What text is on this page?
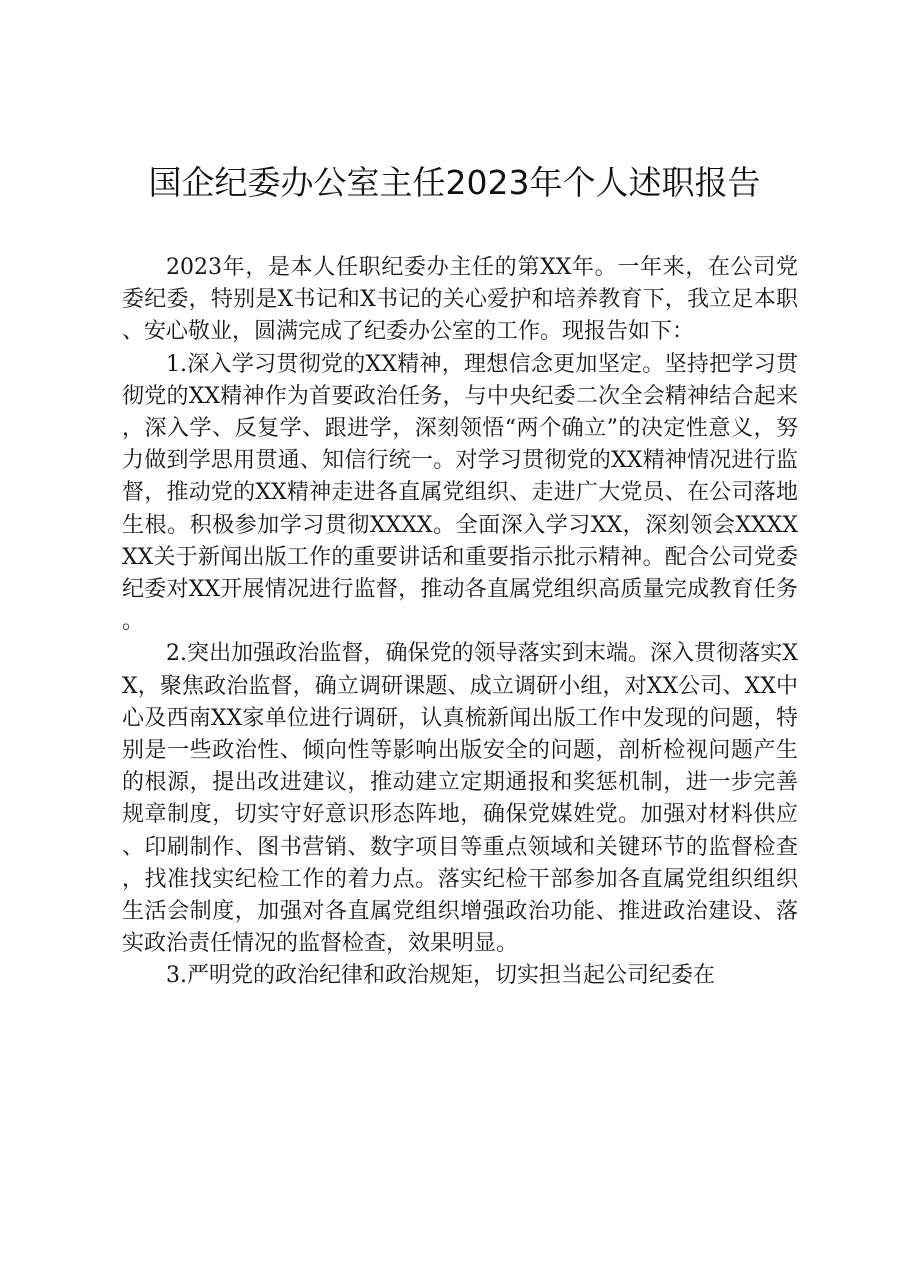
国企纪委办公室主任2023年个人述职报告

2023年，是本人任职纪委办主任的第XX年。一年来，在公司党委纪委，特别是X书记和X书记的关心爱护和培养教育下，我立足本职、安心敬业，圆满完成了纪委办公室的工作。现报告如下：

1.深入学习贯彻党的XX精神，理想信念更加坚定。坚持把学习贯彻党的XX精神作为首要政治任务，与中央纪委二次全会精神结合起来，深入学、反复学、跟进学，深刻领悟“两个确立”的决定性意义，努力做到学思用贯通、知信行统一。对学习贯彻党的XX精神情况进行监督，推动党的XX精神走进各直属党组织、走进广大党员、在公司落地生根。积极参加学习贯彻XXXX。全面深入学习XX，深刻领会XXXXXX关于新闻出版工作的重要讲话和重要指示批示精神。配合公司党委纪委对XX开展情况进行监督，推动各直属党组织高质量完成教育任务。

2.突出加强政治监督，确保党的领导落实到末端。深入贯彻落实XX，聚焦政治监督，确立调研课题、成立调研小组，对XX公司、XX中心及西南XX家单位进行调研，认真梳新闻出版工作中发现的问题，特别是一些政治性、倾向性等影响出版安全的问题，剖析检视问题产生的根源，提出改进建议，推动建立定期通报和奖惩机制，进一步完善规章制度，切实守好意识形态阵地，确保党媒姓党。加强对材料供应、印刷制作、图书营销、数字项目等重点领域和关键环节的监督检查，找准找实纪检工作的着力点。落实纪检干部参加各直属党组织组织生活会制度，加强对各直属党组织增强政治功能、推进政治建设、落实政治责任情况的监督检查，效果明显。

3.严明党的政治纪律和政治规矩，切实担当起公司纪委在
